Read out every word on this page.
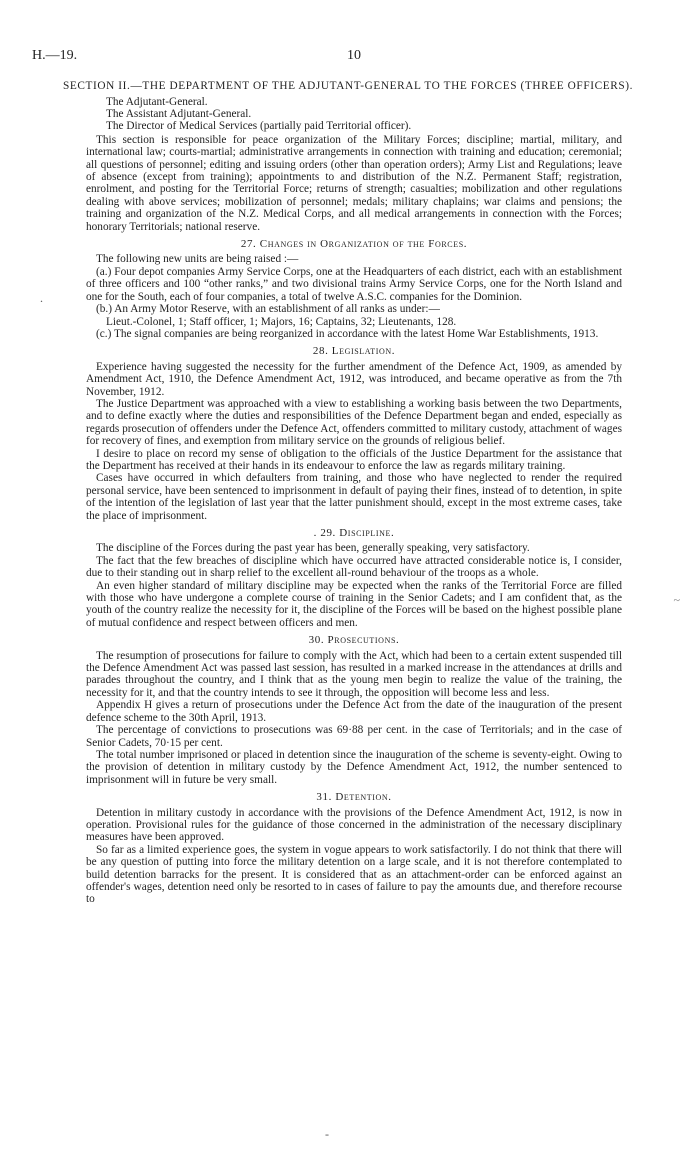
H.—19.	10
SECTION II.—THE DEPARTMENT OF THE ADJUTANT-GENERAL TO THE FORCES (THREE OFFICERS).
The Adjutant-General.
The Assistant Adjutant-General.
The Director of Medical Services (partially paid Territorial officer).

This section is responsible for peace organization of the Military Forces; discipline; martial, military, and international law; courts-martial; administrative arrangements in connection with training and education; ceremonial; all questions of personnel; editing and issuing orders (other than operation orders); Army List and Regulations; leave of absence (except from training); appointments to and distribution of the N.Z. Permanent Staff; registration, enrolment, and posting for the Territorial Force; returns of strength; casualties; mobilization and other regulations dealing with above services; mobilization of personnel; medals; military chaplains; war claims and pensions; the training and organization of the N.Z. Medical Corps, and all medical arrangements in connection with the Forces; honorary Territorials; national reserve.

27. Changes in Organization of the Forces.

The following new units are being raised :—

(a.) Four depot companies Army Service Corps, one at the Headquarters of each district, each with an establishment of three officers and 100 “other ranks,” and two divisional trains Army Service Corps, one for the North Island and one for the South, each of four companies, a total of twelve A.S.C. companies for the Dominion.

(b.) An Army Motor Reserve, with an establishment of all ranks as under:—

Lieut.-Colonel, 1; Staff officer, 1; Majors, 16; Captains, 32; Lieutenants, 128.

(c.) The signal companies are being reorganized in accordance with the latest Home War Establishments, 1913.

28. Legislation.

Experience having suggested the necessity for the further amendment of the Defence Act, 1909, as amended by Amendment Act, 1910, the Defence Amendment Act, 1912, was introduced, and became operative as from the 7th November, 1912.

The Justice Department was approached with a view to establishing a working basis between the two Departments, and to define exactly where the duties and responsibilities of the Defence Department began and ended, especially as regards prosecution of offenders under the Defence Act, offenders committed to military custody, attachment of wages for recovery of fines, and exemption from military service on the grounds of religious belief.

I desire to place on record my sense of obligation to the officials of the Justice Department for the assistance that the Department has received at their hands in its endeavour to enforce the law as regards military training.

Cases have occurred in which defaulters from training, and those who have neglected to render the required personal service, have been sentenced to imprisonment in default of paying their fines, instead of to detention, in spite of the intention of the legislation of last year that the latter punishment should, except in the most extreme cases, take the place of imprisonment.

. 29. Discipline.

The discipline of the Forces during the past year has been, generally speaking, very satisfactory.

The fact that the few breaches of discipline which have occurred have attracted considerable notice is, I consider, due to their standing out in sharp relief to the excellent all-round behaviour of the troops as a whole.

An even higher standard of military discipline may be expected when the ranks of the Territorial Force are filled with those who have undergone a complete course of training in the Senior Cadets; and I am confident that, as the youth of the country realize the necessity for it, the discipline of the Forces will be based on the highest possible plane of mutual confidence and respect between officers and men.

30. Prosecutions.

The resumption of prosecutions for failure to comply with the Act, which had been to a certain extent suspended till the Defence Amendment Act was passed last session, has resulted in a marked increase in the attendances at drills and parades throughout the country, and I think that as the young men begin to realize the value of the training, the necessity for it, and that the country intends to see it through, the opposition will become less and less.

Appendix H gives a return of prosecutions under the Defence Act from the date of the inauguration of the present defence scheme to the 30th April, 1913.

The percentage of convictions to prosecutions was 69·88 per cent. in the case of Territorials; and in the case of Senior Cadets, 70·15 per cent.

The total number imprisoned or placed in detention since the inauguration of the scheme is seventy-eight. Owing to the provision of detention in military custody by the Defence Amendment Act, 1912, the number sentenced to imprisonment will in future be very small.

31. Detention.

Detention in military custody in accordance with the provisions of the Defence Amendment Act, 1912, is now in operation. Provisional rules for the guidance of those concerned in the administration of the necessary disciplinary measures have been approved.

So far as a limited experience goes, the system in vogue appears to work satisfactorily. I do not think that there will be any question of putting into force the military detention on a large scale, and it is not therefore contemplated to build detention barracks for the present. It is considered that as an attachment-order can be enforced against an offender's wages, detention need only be resorted to in cases of failure to pay the amounts due, and therefore recourse to

.
~
-
